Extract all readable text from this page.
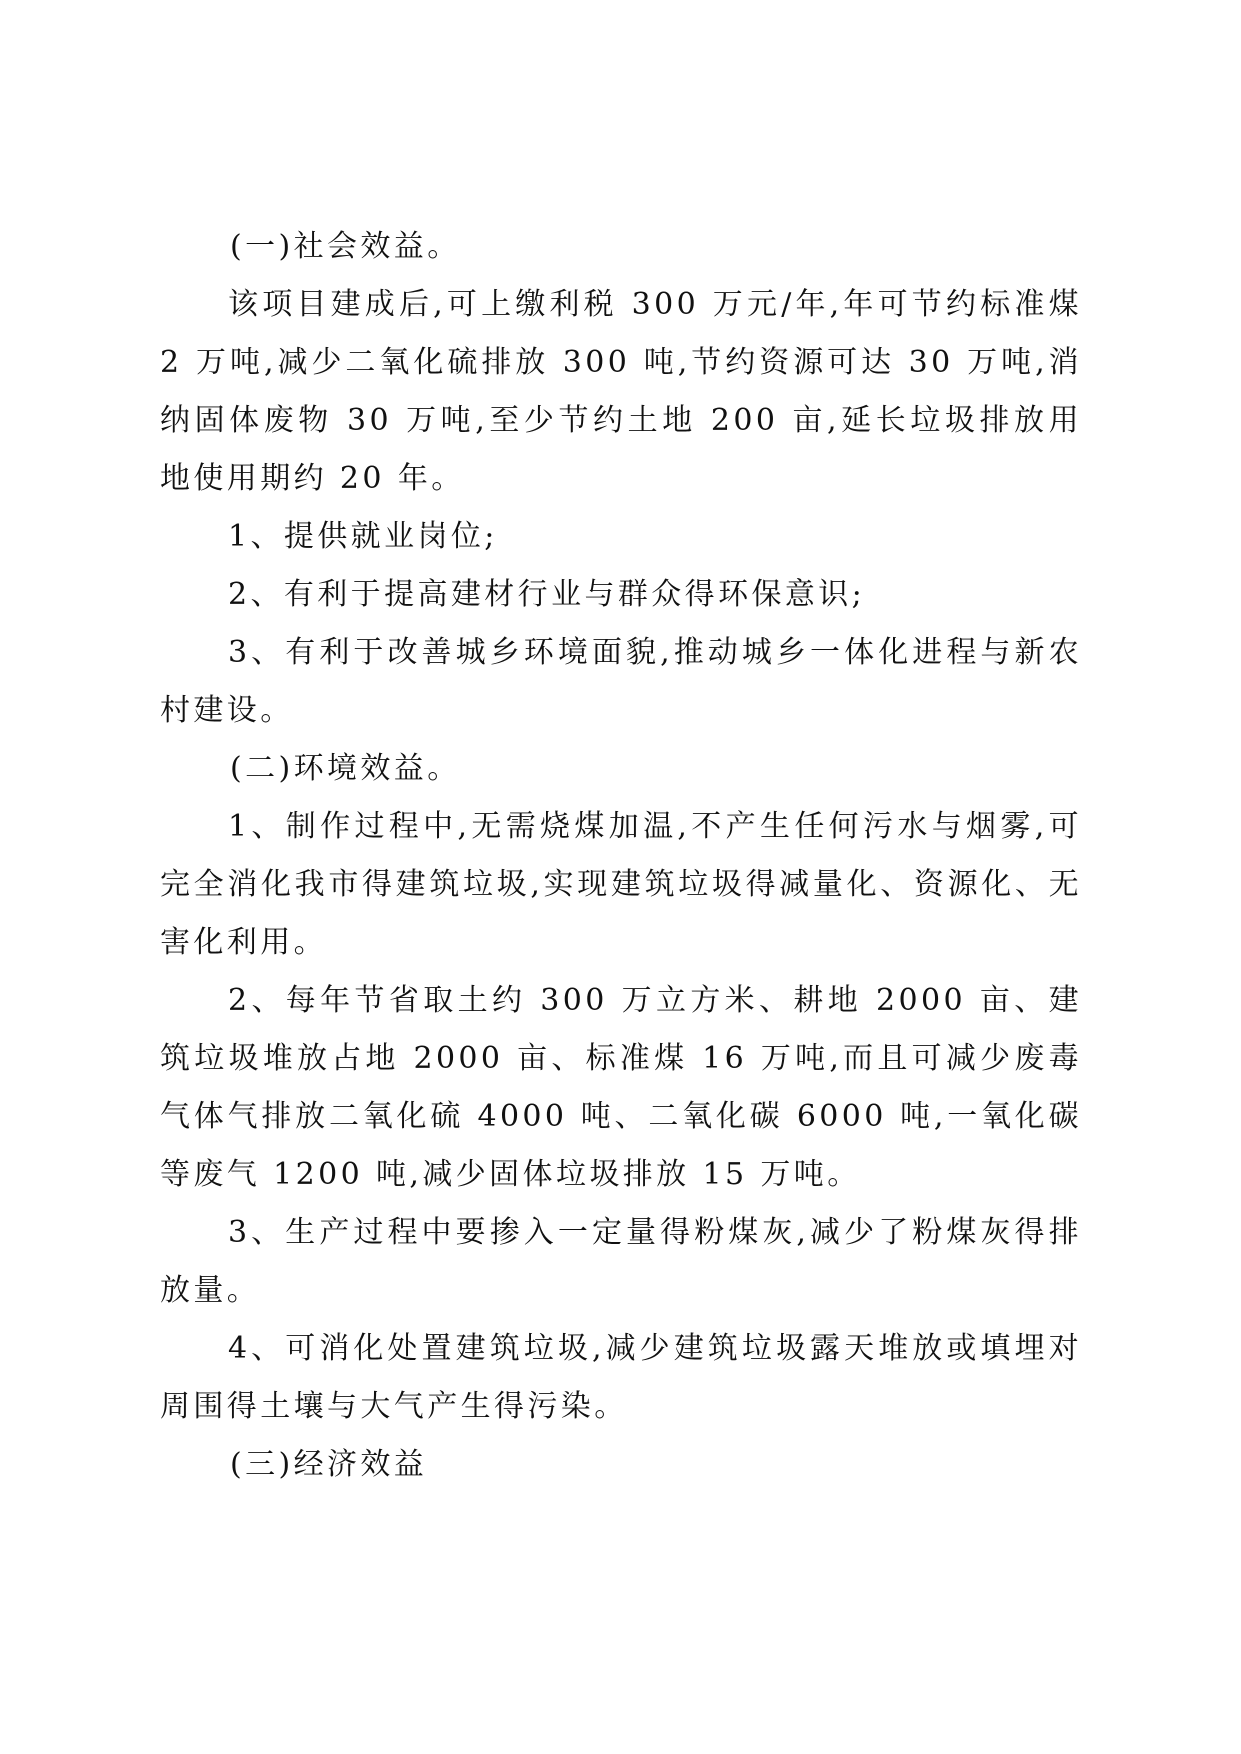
(一)社会效益。

该项目建成后,可上缴利税 300 万元/年,年可节约标准煤 2 万吨,减少二氧化硫排放 300 吨,节约资源可达 30 万吨,消纳固体废物 30 万吨,至少节约土地 200 亩,延长垃圾排放用地使用期约 20 年。

1、提供就业岗位;

2、有利于提高建材行业与群众得环保意识;

3、有利于改善城乡环境面貌,推动城乡一体化进程与新农村建设。

(二)环境效益。

1、制作过程中,无需烧煤加温,不产生任何污水与烟雾,可完全消化我市得建筑垃圾,实现建筑垃圾得减量化、资源化、无害化利用。

2、每年节省取土约 300 万立方米、耕地 2000 亩、建筑垃圾堆放占地 2000 亩、标准煤 16 万吨,而且可减少废毒气体气排放二氧化硫 4000 吨、二氧化碳 6000 吨,一氧化碳等废气 1200 吨,减少固体垃圾排放 15 万吨。

3、生产过程中要掺入一定量得粉煤灰,减少了粉煤灰得排放量。

4、可消化处置建筑垃圾,减少建筑垃圾露天堆放或填埋对周围得土壤与大气产生得污染。

(三)经济效益
